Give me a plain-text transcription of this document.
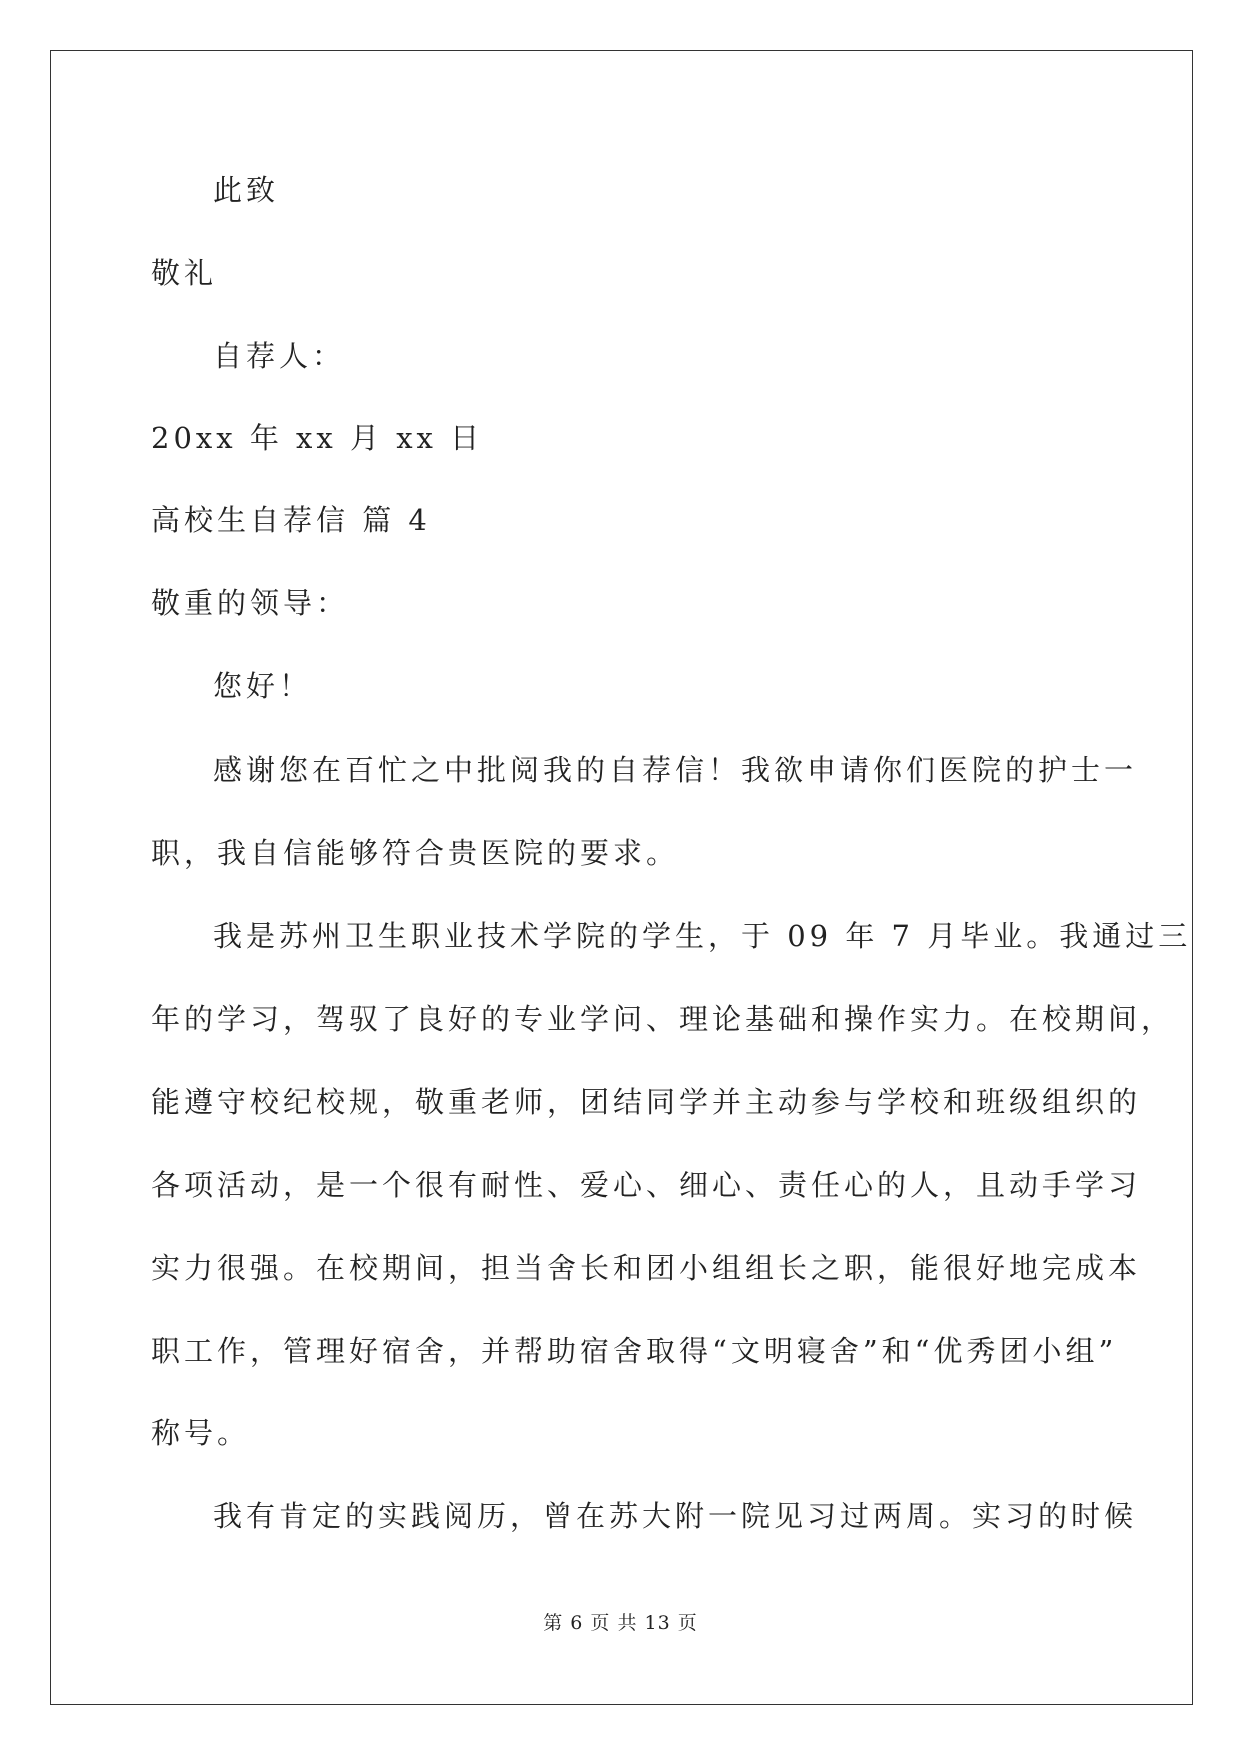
此致

敬礼

自荐人：

20xx 年 xx 月 xx 日

高校生自荐信 篇 4

敬重的领导：

您好！

感谢您在百忙之中批阅我的自荐信！我欲申请你们医院的护士一

职，我自信能够符合贵医院的要求。

我是苏州卫生职业技术学院的学生，于 09 年 7 月毕业。我通过三

年的学习，驾驭了良好的专业学问、理论基础和操作实力。在校期间，

能遵守校纪校规，敬重老师，团结同学并主动参与学校和班级组织的

各项活动，是一个很有耐性、爱心、细心、责任心的人，且动手学习

实力很强。在校期间，担当舍长和团小组组长之职，能很好地完成本

职工作，管理好宿舍，并帮助宿舍取得“文明寝舍”和“优秀团小组”

称号。

我有肯定的实践阅历，曾在苏大附一院见习过两周。实习的时候

第 6 页 共 13 页
